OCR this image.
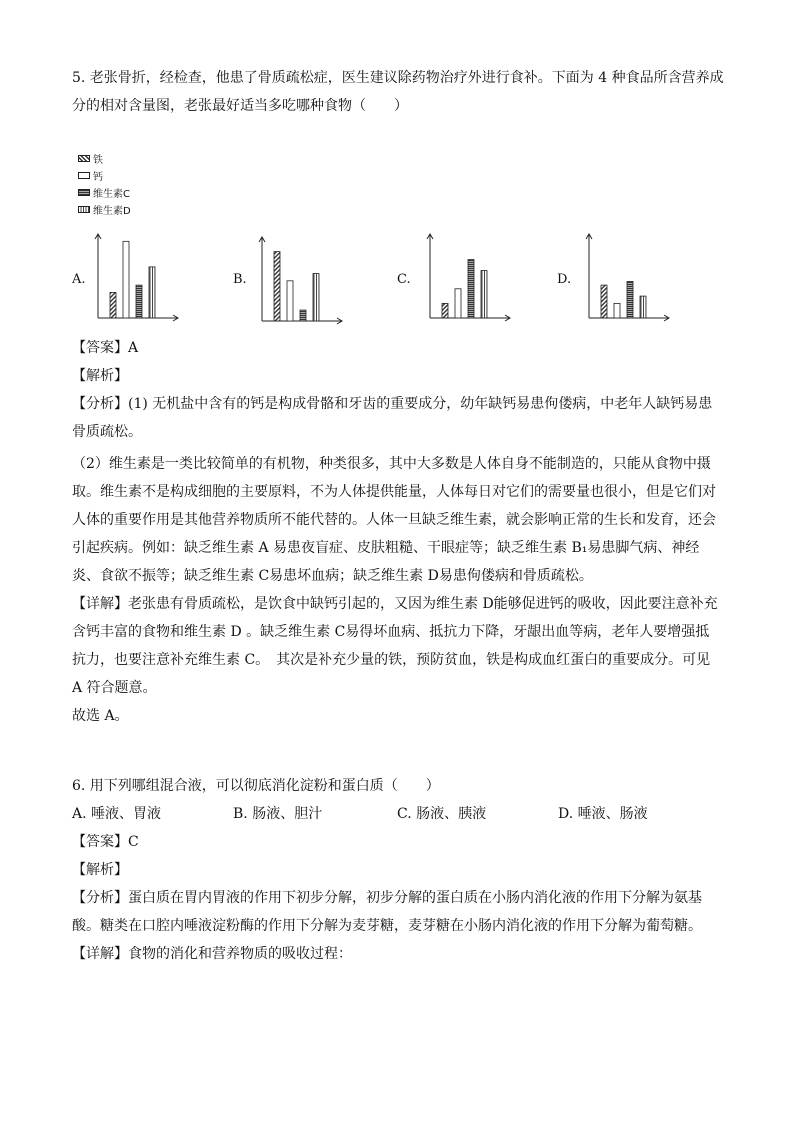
5. 老张骨折，经检查，他患了骨质疏松症，医生建议除药物治疗外进行食补。下面为 4 种食品所含营养成
分的相对含量图，老张最好适当多吃哪种食物（　　）
铁
钙
维生素C
维生素D
A.	B.	C.	D.
【答案】A
【解析】
【分析】(1) 无机盐中含有的钙是构成骨骼和牙齿的重要成分，幼年缺钙易患佝偻病，中老年人缺钙易患
骨质疏松。
（2）维生素是一类比较简单的有机物，种类很多，其中大多数是人体自身不能制造的，只能从食物中摄
取。维生素不是构成细胞的主要原料，不为人体提供能量，人体每日对它们的需要量也很小，但是它们对
人体的重要作用是其他营养物质所不能代替的。人体一旦缺乏维生素，就会影响正常的生长和发育，还会
引起疾病。例如：缺乏维生素 A 易患夜盲症、皮肤粗糙、干眼症等；缺乏维生素 B₁易患脚气病、神经
炎、食欲不振等；缺乏维生素 C易患坏血病；缺乏维生素 D易患佝偻病和骨质疏松。
【详解】老张患有骨质疏松，是饮食中缺钙引起的，又因为维生素 D能够促进钙的吸收，因此要注意补充
含钙丰富的食物和维生素 D 。缺乏维生素 C易得坏血病、抵抗力下降，牙龈出血等病，老年人要增强抵
抗力，也要注意补充维生素 C。　其次是补充少量的铁，预防贫血，铁是构成血红蛋白的重要成分。可见
A 符合题意。
故选 A。
6. 用下列哪组混合液，可以彻底消化淀粉和蛋白质（　　）
A. 唾液、胃液	B. 肠液、胆汁	C. 肠液、胰液	D. 唾液、肠液
【答案】C
【解析】
【分析】蛋白质在胃内胃液的作用下初步分解，初步分解的蛋白质在小肠内消化液的作用下分解为氨基
酸。糖类在口腔内唾液淀粉酶的作用下分解为麦芽糖，麦芽糖在小肠内消化液的作用下分解为葡萄糖。
【详解】食物的消化和营养物质的吸收过程：
